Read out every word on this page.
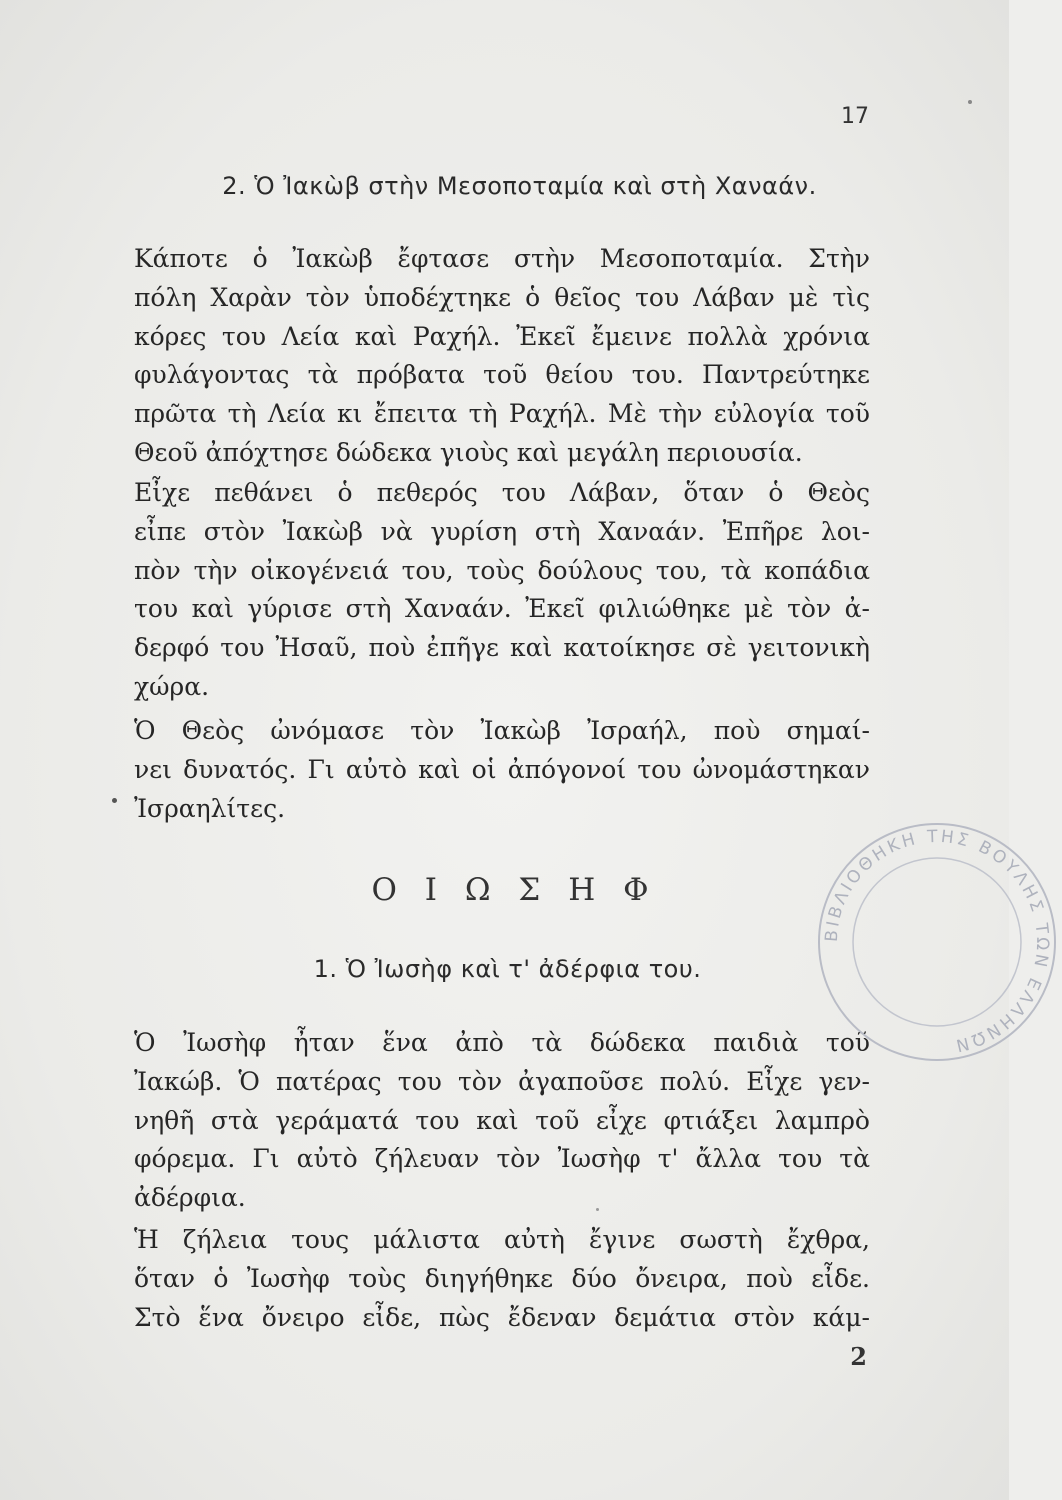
17
2. Ὁ Ἰακὼβ στὴν Μεσοποταμία καὶ στὴ Χαναάν.

Κάποτε ὁ Ἰακὼβ ἔφτασε στὴν Μεσοποταμία. Στὴν
πόλη Χαρὰν τὸν ὑποδέχτηκε ὁ θεῖος του Λάβαν μὲ τὶς
κόρες του Λεία καὶ Ραχήλ. Ἐκεῖ ἔμεινε πολλὰ χρόνια
φυλάγοντας τὰ πρόβατα τοῦ θείου του. Παντρεύτηκε
πρῶτα τὴ Λεία κι ἔπειτα τὴ Ραχήλ. Μὲ τὴν εὐλογία τοῦ
Θεοῦ ἀπόχτησε δώδεκα γιοὺς καὶ μεγάλη περιουσία.

Εἶχε πεθάνει ὁ πεθερός του Λάβαν, ὅταν ὁ Θεὸς
εἶπε στὸν Ἰακὼβ νὰ γυρίση στὴ Χαναάν. Ἐπῆρε λοι-
πὸν τὴν οἰκογένειά του, τοὺς δούλους του, τὰ κοπάδια
του καὶ γύρισε στὴ Χαναάν. Ἐκεῖ φιλιώθηκε μὲ τὸν ἀ-
δερφό του Ἠσαῦ, ποὺ ἐπῆγε καὶ κατοίκησε σὲ γειτονικὴ
χώρα.

Ὁ Θεὸς ὠνόμασε τὸν Ἰακὼβ Ἰσραήλ, ποὺ σημαί-
νει δυνατός. Γι αὐτὸ καὶ οἱ ἀπόγονοί του ὠνομάστηκαν
Ἰσραηλίτες.

Ο Ι Ω Σ Η Φ
1. Ὁ Ἰωσὴφ καὶ τ' ἀδέρφια του.

Ὁ Ἰωσὴφ ἦταν ἕνα ἀπὸ τὰ δώδεκα παιδιὰ τοῦ
Ἰακώβ. Ὁ πατέρας του τὸν ἀγαποῦσε πολύ. Εἶχε γεν-
νηθῆ στὰ γεράματά του καὶ τοῦ εἶχε φτιάξει λαμπρὸ
φόρεμα. Γι αὐτὸ ζήλευαν τὸν Ἰωσὴφ τ' ἄλλα του τὰ
ἀδέρφια.

Ἡ ζήλεια τους μάλιστα αὐτὴ ἔγινε σωστὴ ἔχθρα,
ὅταν ὁ Ἰωσὴφ τοὺς διηγήθηκε δύο ὄνειρα, ποὺ εἶδε.
Στὸ ἕνα ὄνειρο εἶδε, πὼς ἔδεναν δεμάτια στὸν κάμ-

2
ΒΙΒΛΙΟΘΗΚΗ ΤΗΣ ΒΟΥΛΗΣ ΤΩΝ ΕΛΛΗΝΩΝ
